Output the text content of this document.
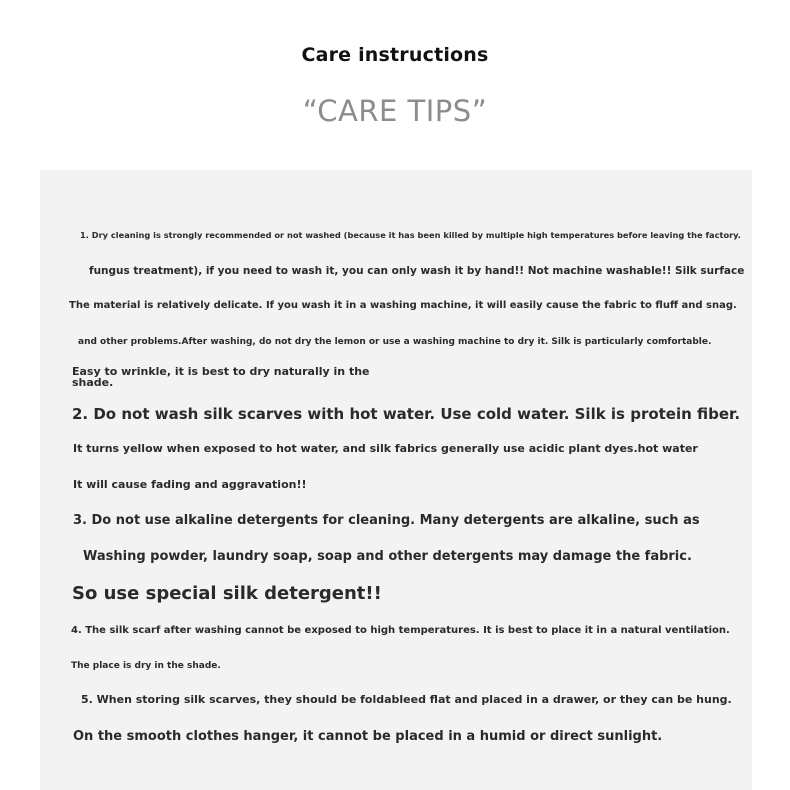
Care instructions
“CARE TIPS”
1. Dry cleaning is strongly recommended or not washed (because it has been killed by multiple high temperatures before leaving the factory.
fungus treatment), if you need to wash it, you can only wash it by hand!! Not machine washable!! Silk surface
The material is relatively delicate. If you wash it in a washing machine, it will easily cause the fabric to fluff and snag.
and other problems.After washing, do not dry the lemon or use a washing machine to dry it. Silk is particularly comfortable.
Easy to wrinkle, it is best to dry naturally in the
shade.
2. Do not wash silk scarves with hot water. Use cold water. Silk is protein fiber.
It turns yellow when exposed to hot water, and silk fabrics generally use acidic plant dyes.hot water
It will cause fading and aggravation!!
3. Do not use alkaline detergents for cleaning. Many detergents are alkaline, such as
Washing powder, laundry soap, soap and other detergents may damage the fabric.
So use special silk detergent!!
4. The silk scarf after washing cannot be exposed to high temperatures. It is best to place it in a natural ventilation.
The place is dry in the shade.
5. When storing silk scarves, they should be foldableed flat and placed in a drawer, or they can be hung.
On the smooth clothes hanger, it cannot be placed in a humid or direct sunlight.
